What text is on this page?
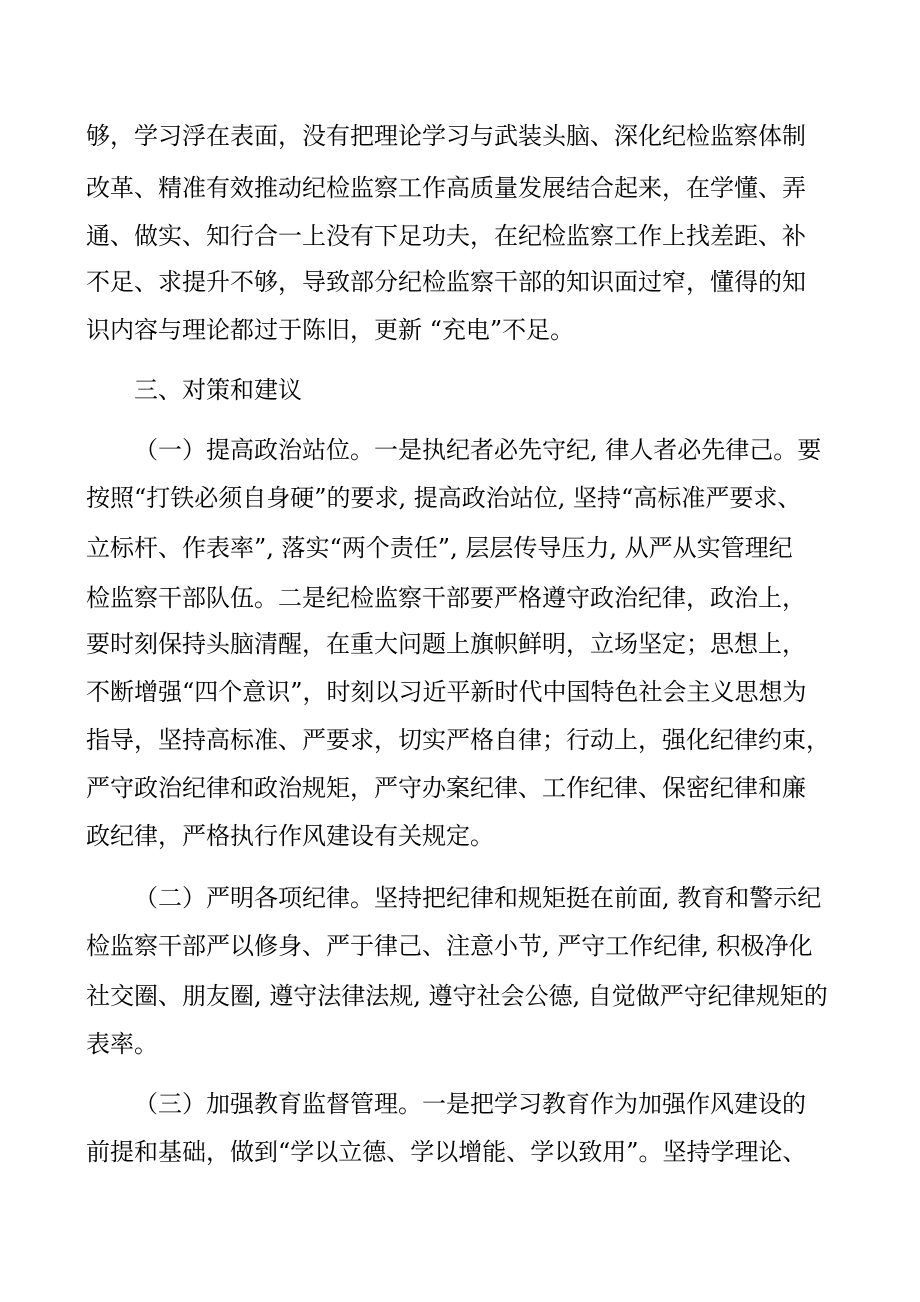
够，学习浮在表面，没有把理论学习与武装头脑、深化纪检监察体制
改革、精准有效推动纪检监察工作高质量发展结合起来，在学懂、弄
通、做实、知行合一上没有下足功夫，在纪检监察工作上找差距、补
不足、求提升不够，导致部分纪检监察干部的知识面过窄，懂得的知
识内容与理论都过于陈旧，更新 “充电”不足。
三、对策和建议
（一）提高政治站位。一是执纪者必先守纪, 律人者必先律己。要
按照“打铁必须自身硬”的要求, 提高政治站位, 坚持“高标准严要求、
立标杆、作表率”, 落实“两个责任”, 层层传导压力, 从严从实管理纪
检监察干部队伍。二是纪检监察干部要严格遵守政治纪律，政治上，
要时刻保持头脑清醒，在重大问题上旗帜鲜明，立场坚定；思想上，
不断增强“四个意识”，时刻以习近平新时代中国特色社会主义思想为
指导，坚持高标准、严要求，切实严格自律；行动上，强化纪律约束，
严守政治纪律和政治规矩，严守办案纪律、工作纪律、保密纪律和廉
政纪律，严格执行作风建设有关规定。
（二）严明各项纪律。坚持把纪律和规矩挺在前面, 教育和警示纪
检监察干部严以修身、严于律己、注意小节, 严守工作纪律, 积极净化
社交圈、朋友圈, 遵守法律法规, 遵守社会公德, 自觉做严守纪律规矩的
表率。
（三）加强教育监督管理。一是把学习教育作为加强作风建设的
前提和基础，做到“学以立德、学以增能、学以致用”。坚持学理论、
